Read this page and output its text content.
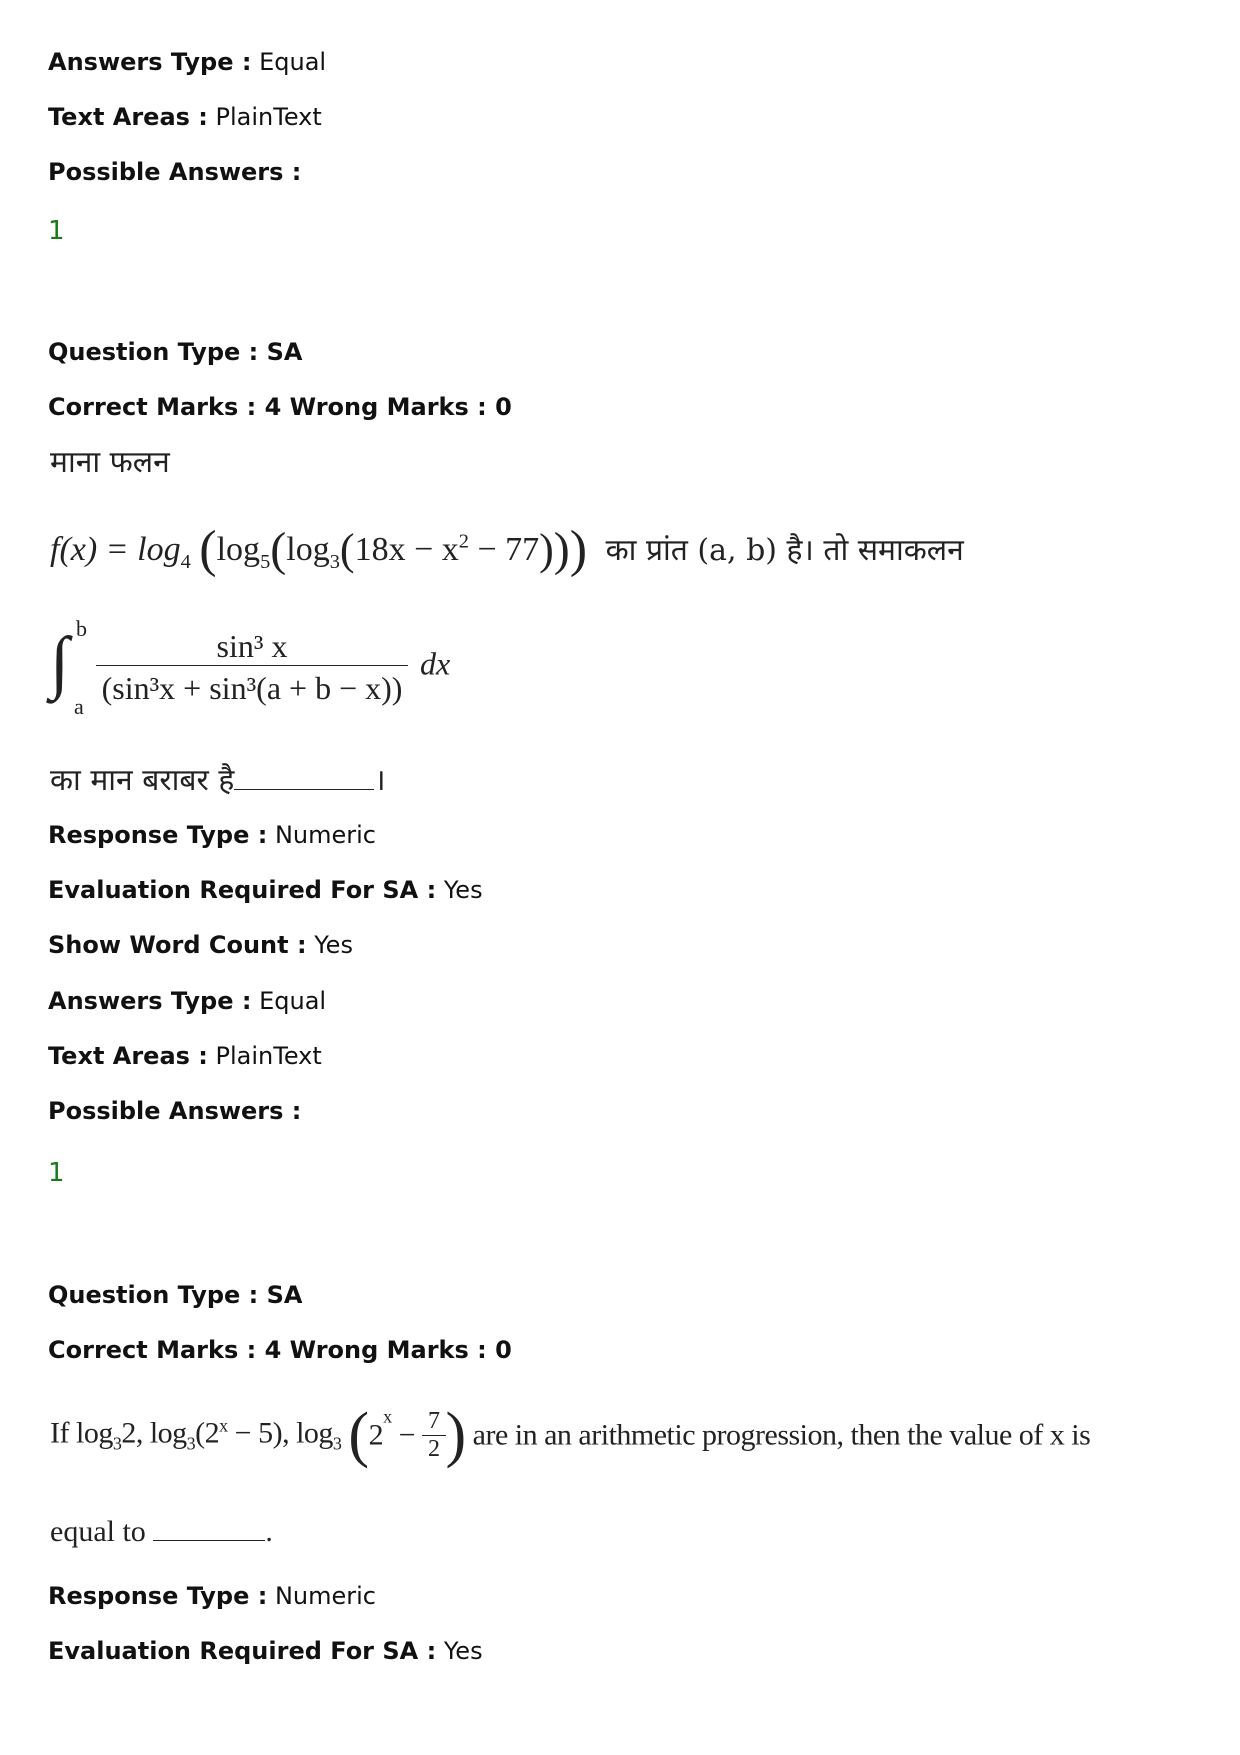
Answers Type : Equal
Text Areas : PlainText
Possible Answers :
1
Question Type : SA
Correct Marks : 4 Wrong Marks : 0
माना फलन
$f(x) = \log_4 (\log_5(\log_3(18x - x^2 - 77)))$ का प्रांत (a, b) है। तो समाकलन
∫ b
a
$\frac{\text{sin³ x}}{\text{(sin³x + sin³(a + b − x))}}$ dx
का मान बराबर है	।
Response Type : Numeric
Evaluation Required For SA : Yes
Show Word Count : Yes
Answers Type : Equal
Text Areas : PlainText
Possible Answers :
1
Question Type : SA
Correct Marks : 4 Wrong Marks : 0
If $\log_32$, $\log_3(2^x - 5)$, $\log_3 (2^x - \frac{7}{2}$ ) are in an arithmetic progression, then the value of x is
equal to	.
Response Type : Numeric
Evaluation Required For SA : Yes
